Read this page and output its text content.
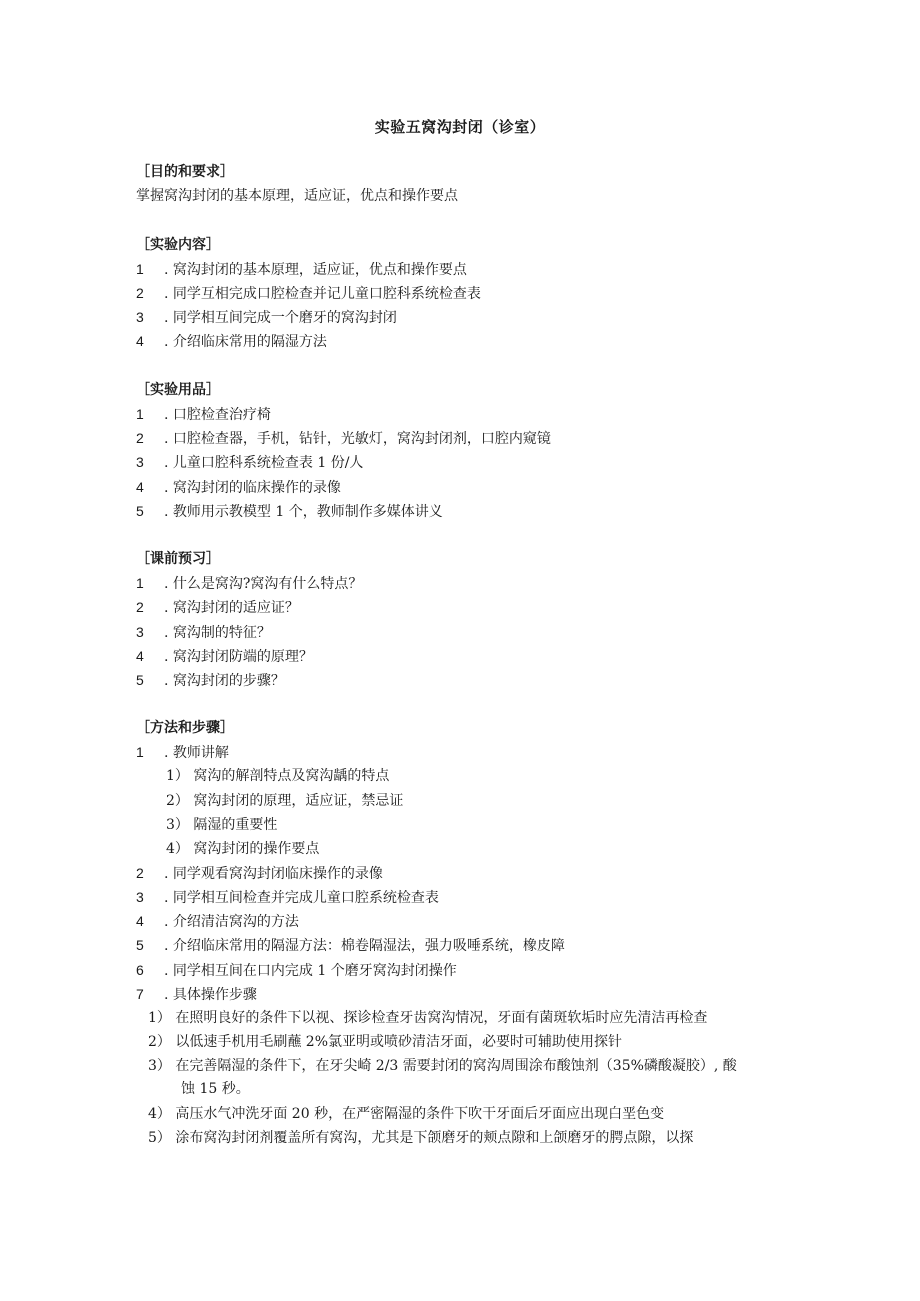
实验五窝沟封闭（诊室）
［目的和要求］
掌握窝沟封闭的基本原理，适应证，优点和操作要点
［实验内容］
1 . 窝沟封闭的基本原理，适应证，优点和操作要点
2 . 同学互相完成口腔检查并记儿童口腔科系统检查表
3 . 同学相互间完成一个磨牙的窝沟封闭
4 . 介绍临床常用的隔湿方法
［实验用品］
1 . 口腔检查治疗椅
2 . 口腔检查器，手机，钻针，光敏灯，窝沟封闭剂，口腔内窥镜
3 . 儿童口腔科系统检查表 1 份/人
4 . 窝沟封闭的临床操作的录像
5 . 教师用示教模型 1 个，教师制作多媒体讲义
［课前预习］
1 . 什么是窝沟?窝沟有什么特点？
2 . 窝沟封闭的适应证？
3 . 窝沟制的特征？
4 . 窝沟封闭防端的原理？
5 . 窝沟封闭的步骤？
［方法和步骤］
1 . 教师讲解
1） 窝沟的解剖特点及窝沟龋的特点
2） 窝沟封闭的原理，适应证，禁忌证
3） 隔湿的重要性
4） 窝沟封闭的操作要点
2 . 同学观看窝沟封闭临床操作的录像
3 . 同学相互间检查并完成儿童口腔系统检查表
4 . 介绍清洁窝沟的方法
5 . 介绍临床常用的隔湿方法：棉卷隔湿法，强力吸唾系统，橡皮障
6 . 同学相互间在口内完成 1 个磨牙窝沟封闭操作
7 . 具体操作步骤
1） 在照明良好的条件下以视、探诊检查牙齿窝沟情况，牙面有菌斑软垢时应先清洁再检查
2） 以低速手机用毛刷蘸 2%氯亚明或喷砂清洁牙面，必要时可辅助使用探针
3） 在完善隔湿的条件下，在牙尖崎 2/3 需要封闭的窝沟周围涂布酸蚀剂（35%磷酸凝胶）, 酸
蚀 15 秒。
4） 高压水气冲洗牙面 20 秒，在严密隔湿的条件下吹干牙面后牙面应出现白垩色变
5） 涂布窝沟封闭剂覆盖所有窝沟，尤其是下颌磨牙的颊点隙和上颌磨牙的腭点隙，以探
